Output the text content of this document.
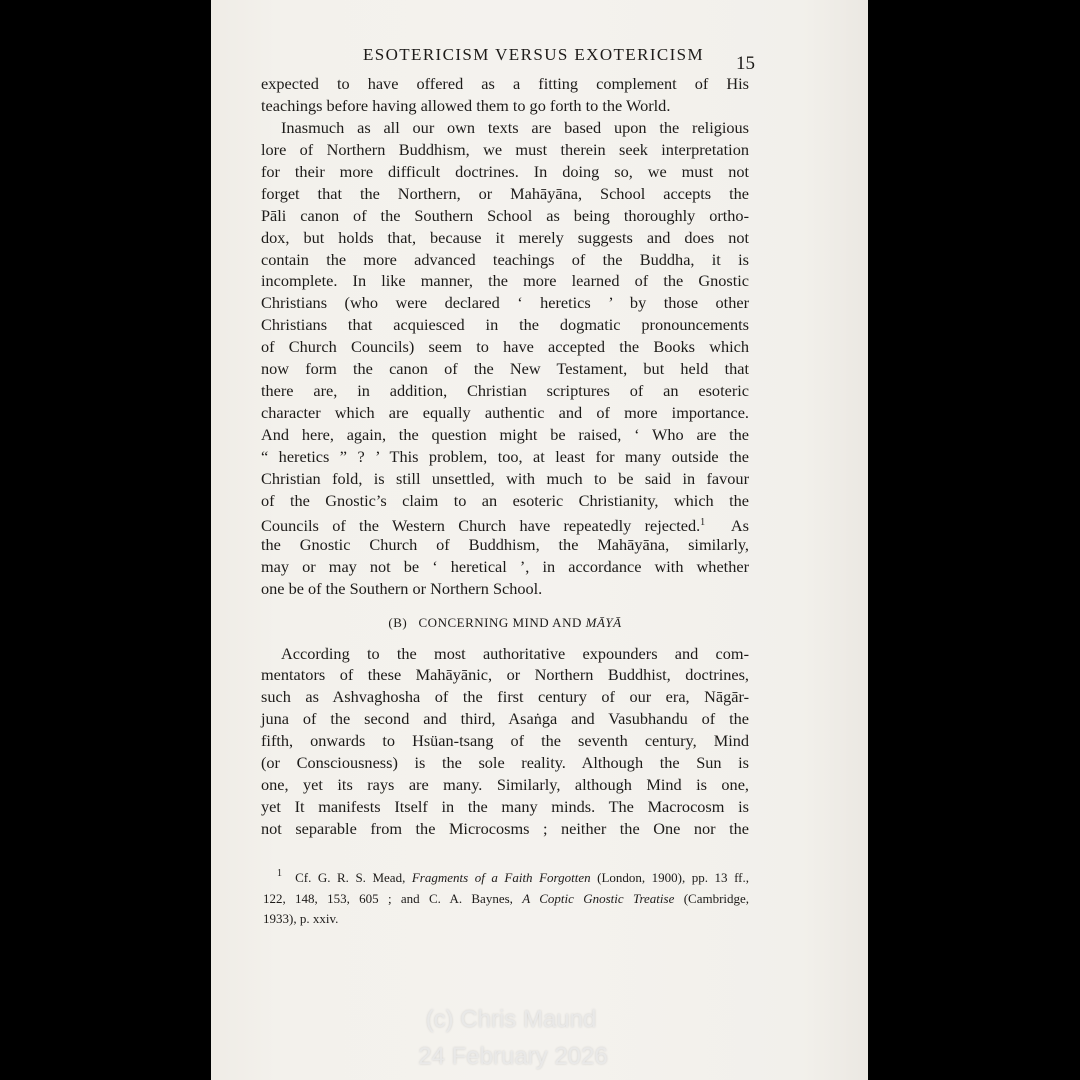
ESOTERICISM VERSUS EXOTERICISM	15
expected to have offered as a fitting complement of His
teachings before having allowed them to go forth to the World.
Inasmuch as all our own texts are based upon the religious
lore of Northern Buddhism, we must therein seek interpretation
for their more difficult doctrines. In doing so, we must not
forget that the Northern, or Mahāyāna, School accepts the
Pāli canon of the Southern School as being thoroughly ortho-
dox, but holds that, because it merely suggests and does not
contain the more advanced teachings of the Buddha, it is
incomplete. In like manner, the more learned of the Gnostic
Christians (who were declared ‘ heretics ’ by those other
Christians that acquiesced in the dogmatic pronouncements
of Church Councils) seem to have accepted the Books which
now form the canon of the New Testament, but held that
there are, in addition, Christian scriptures of an esoteric
character which are equally authentic and of more importance.
And here, again, the question might be raised, ‘ Who are the
“ heretics ” ? ’ This problem, too, at least for many outside the
Christian fold, is still unsettled, with much to be said in favour
of the Gnostic’s claim to an esoteric Christianity, which the
Councils of the Western Church have repeatedly rejected.$^1$ As
the Gnostic Church of Buddhism, the Mahāyāna, similarly,
may or may not be ‘ heretical ’, in accordance with whether
one be of the Southern or Northern School.
(B) CONCERNING MIND AND MĀYĀ
According to the most authoritative expounders and com-
mentators of these Mahāyānic, or Northern Buddhist, doctrines,
such as Ashvaghosha of the first century of our era, Nāgār-
juna of the second and third, Asaṅga and Vasubhandu of the
fifth, onwards to Hsüan-tsang of the seventh century, Mind
(or Consciousness) is the sole reality. Although the Sun is
one, yet its rays are many. Similarly, although Mind is one,
yet It manifests Itself in the many minds. The Macrocosm is
not separable from the Microcosms ; neither the One nor the
$^1$ Cf. G. R. S. Mead, Fragments of a Faith Forgotten (London, 1900), pp. 13 ff.,
122, 148, 153, 605 ; and C. A. Baynes, A Coptic Gnostic Treatise (Cambridge,
1933), p. xxiv.
(c) Chris Maund
24 February 2026
